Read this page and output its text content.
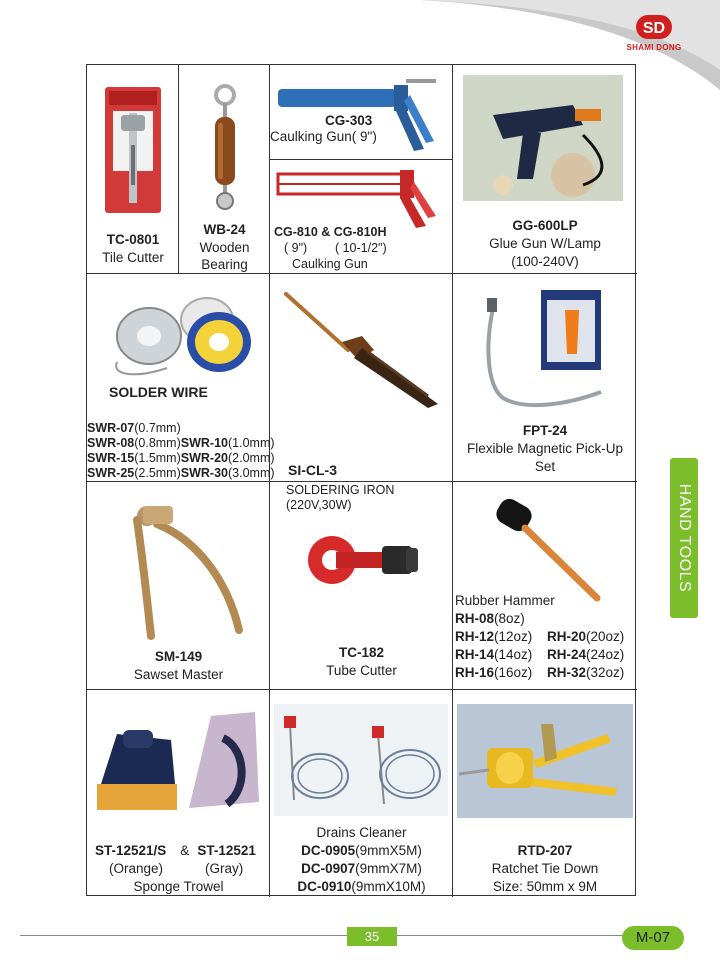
SD
SHAMI DONG
HAND TOOLS
TC-0801
Tile Cutter
WB-24
Wooden
Bearing
CG-303
Caulking Gun( 9")
CG-810 & CG-810H
( 9")        ( 10-1/2")
Caulking Gun
GG-600LP
Glue Gun W/Lamp
(100-240V)
SOLDER WIRE
SWR-07(0.7mm)
SWR-08(0.8mm)SWR-10(1.0mm)
SWR-15(1.5mm)SWR-20(2.0mm)
SWR-25(2.5mm)SWR-30(3.0mm) SI-CL-3
SOLDERING IRON
(220V,30W)
FPT-24
Flexible Magnetic Pick-Up
Set
SM-149
Sawset Master
TC-182
Tube Cutter
Rubber Hammer
RH-08(8oz)
RH-12(12oz) RH-20(20oz)
RH-14(14oz) RH-24(24oz)
RH-16(16oz) RH-32(32oz)
ST-12521/S & ST-12521
(Orange)	(Gray)
Sponge Trowel
Drains Cleaner
DC-0905(9mmX5M)
DC-0907(9mmX7M)
DC-0910(9mmX10M)
RTD-207
Ratchet Tie Down
Size: 50mm x 9M
35	M-07
